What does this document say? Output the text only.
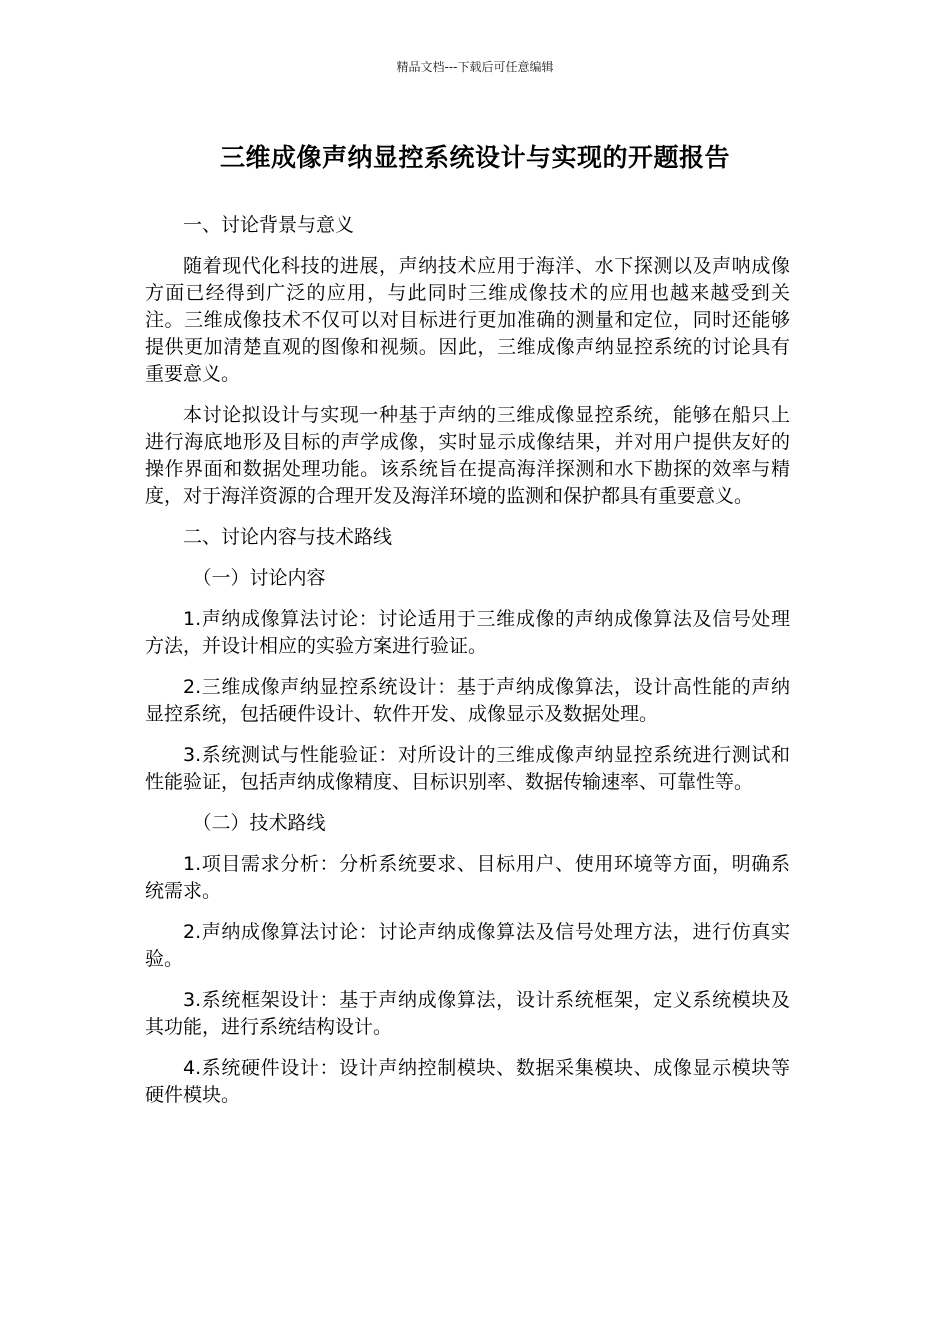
精品文档---下载后可任意编辑
三维成像声纳显控系统设计与实现的开题报告

一、讨论背景与意义

随着现代化科技的进展，声纳技术应用于海洋、水下探测以及声呐成像方面已经得到广泛的应用，与此同时三维成像技术的应用也越来越受到关注。三维成像技术不仅可以对目标进行更加准确的测量和定位，同时还能够提供更加清楚直观的图像和视频。因此，三维成像声纳显控系统的讨论具有重要意义。

本讨论拟设计与实现一种基于声纳的三维成像显控系统，能够在船只上进行海底地形及目标的声学成像，实时显示成像结果，并对用户提供友好的操作界面和数据处理功能。该系统旨在提高海洋探测和水下勘探的效率与精度，对于海洋资源的合理开发及海洋环境的监测和保护都具有重要意义。

二、讨论内容与技术路线

（一）讨论内容

1.声纳成像算法讨论：讨论适用于三维成像的声纳成像算法及信号处理方法，并设计相应的实验方案进行验证。

2.三维成像声纳显控系统设计：基于声纳成像算法，设计高性能的声纳显控系统，包括硬件设计、软件开发、成像显示及数据处理。

3.系统测试与性能验证：对所设计的三维成像声纳显控系统进行测试和性能验证，包括声纳成像精度、目标识别率、数据传输速率、可靠性等。

（二）技术路线

1.项目需求分析：分析系统要求、目标用户、使用环境等方面，明确系统需求。

2.声纳成像算法讨论：讨论声纳成像算法及信号处理方法，进行仿真实验。

3.系统框架设计：基于声纳成像算法，设计系统框架，定义系统模块及其功能，进行系统结构设计。

4.系统硬件设计：设计声纳控制模块、数据采集模块、成像显示模块等硬件模块。
